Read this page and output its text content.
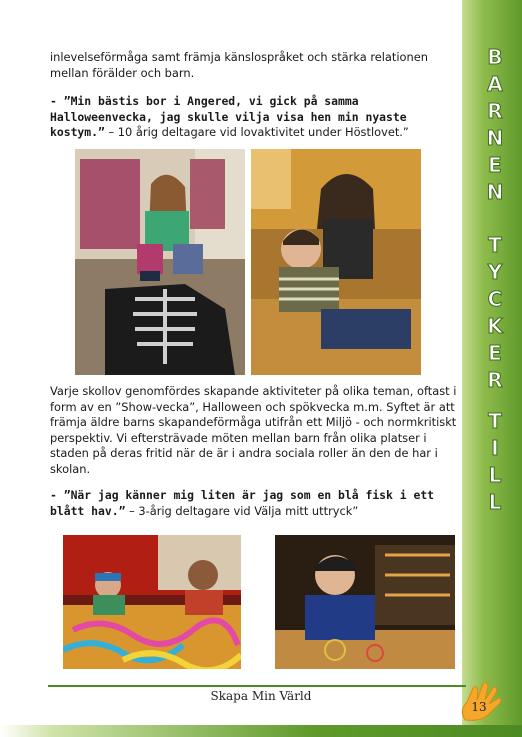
B
A
R
N
E
N
T
Y
C
K
E
R
T
I
L
L

inlevelseförmåga samt främja känslospråket och stärka relationen mellan förälder och barn.

- ”Min bästis bor i Angered, vi gick på samma Halloweenvecka, jag skulle vilja visa hen min nyaste kostym.” – 10 årig deltagare vid lovaktivitet under Höstlovet.”

Varje skollov genomfördes skapande aktiviteter på olika teman, oftast i form av en ”Show-vecka”, Halloween och spökvecka m.m. Syftet är att främja äldre barns skapandeförmåga utifrån ett Miljö - och normkritiskt perspektiv. Vi eftersträvade möten mellan barn från olika platser i staden på deras fritid när de är i andra sociala roller än den de har i skolan.

- ”När jag känner mig liten är jag som en blå fisk i ett blått hav.” – 3-årig deltagare vid Välja mitt uttryck”

Skapa Min Värld
13
